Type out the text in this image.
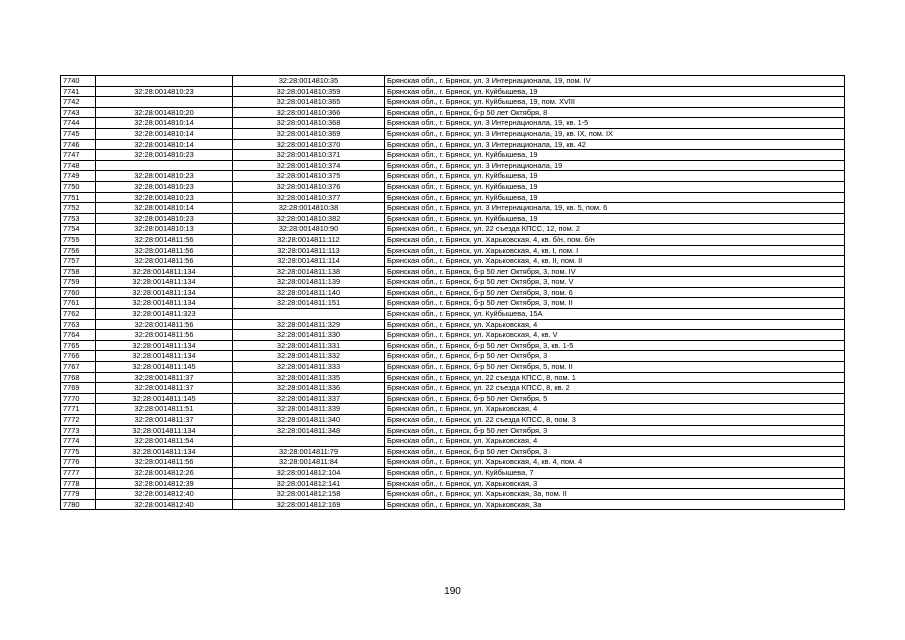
7740		32:28:0014810:35	Брянская обл., г. Брянск, ул. 3 Интернационала, 19, пом. IV
7741	32:28:0014810:23	32:28:0014810:359	Брянская обл., г. Брянск, ул. Куйбышева, 19
7742		32:28:0014810:365	Брянская обл., г. Брянск, ул. Куйбышева, 19, пом. XVIII
7743	32:28:0014810:20	32:28:0014810:366	Брянская обл., г. Брянск, б-р 50 лет Октября, 8
7744	32:28:0014810:14	32:28:0014810:368	Брянская обл., г. Брянск, ул. 3 Интернационала, 19, кв. 1-5
7745	32:28:0014810:14	32:28:0014810:369	Брянская обл., г. Брянск, ул. 3 Интернационала, 19, кв. IX, пом. IX
7746	32:28:0014810:14	32:28:0014810:370	Брянская обл., г. Брянск, ул. 3 Интернационала, 19, кв. 42
7747	32:28:0014810:23	32:28:0014810:371	Брянская обл., г. Брянск, ул. Куйбышева, 19
7748		32:28:0014810:374	Брянская обл., г. Брянск, ул. 3 Интернационала, 19
7749	32:28:0014810:23	32:28:0014810:375	Брянская обл., г. Брянск, ул. Куйбышева, 19
7750	32:28:0014810:23	32:28:0014810:376	Брянская обл., г. Брянск, ул. Куйбышева, 19
7751	32:28:0014810:23	32:28:0014810:377	Брянская обл., г. Брянск, ул. Куйбышева, 19
7752	32:28:0014810:14	32:28:0014810:38	Брянская обл., г. Брянск, ул. 3 Интернационала, 19, кв. 5, пом. 6
7753	32:28:0014810:23	32:28:0014810:382	Брянская обл., г. Брянск, ул. Куйбышева, 19
7754	32:28:0014810:13	32:28:0014810:90	Брянская обл., г. Брянск, ул. 22 съезда КПСС, 12, пом. 2
7755	32:28:0014811:56	32:28:0014811:112	Брянская обл., г. Брянск, ул. Харьковская, 4, кв. б/н, пом. б/н
7756	32:28:0014811:56	32:28:0014811:113	Брянская обл., г. Брянск, ул. Харьковская, 4, кв. I, пом. I
7757	32:28:0014811:56	32:28:0014811:114	Брянская обл., г. Брянск, ул. Харьковская, 4, кв. II, пом. II
7758	32:28:0014811:134	32:28:0014811:138	Брянская обл., г. Брянск, б-р 50 лет Октября, 3, пом. IV
7759	32:28:0014811:134	32:28:0014811:139	Брянская обл., г. Брянск, б-р 50 лет Октября, 3, пом. V
7760	32:28:0014811:134	32:28:0014811:140	Брянская обл., г. Брянск, б-р 50 лет Октября, 3, пом. 6
7761	32:28:0014811:134	32:28:0014811:151	Брянская обл., г. Брянск, б-р 50 лет Октября, 3, пом. II
7762	32:28:0014811:323		Брянская обл., г. Брянск, ул. Куйбышева, 15А
7763	32:28:0014811:56	32:28:0014811:329	Брянская обл., г. Брянск, ул. Харьковская, 4
7764	32:28:0014811:56	32:28:0014811:330	Брянская обл., г. Брянск, ул. Харьковская, 4, кв. V
7765	32:28:0014811:134	32:28:0014811:331	Брянская обл., г. Брянск, б-р 50 лет Октября, 3, кв. 1-5
7766	32:28:0014811:134	32:28:0014811:332	Брянская обл., г. Брянск, б-р 50 лет Октября, 3
7767	32:28:0014811:145	32:28:0014811:333	Брянская обл., г. Брянск, б-р 50 лет Октября, 5, пом. II
7768	32:28:0014811:37	32:28:0014811:335	Брянская обл., г. Брянск, ул. 22 съезда КПСС, 8, пом. 1
7769	32:28:0014811:37	32:28:0014811:336	Брянская обл., г. Брянск, ул. 22 съезда КПСС, 8, кв. 2
7770	32:28:0014811:145	32:28:0014811:337	Брянская обл., г. Брянск, б-р 50 лет Октября, 5
7771	32:28:0014811:51	32:28:0014811:339	Брянская обл., г. Брянск, ул. Харьковская, 4
7772	32:28:0014811:37	32:28:0014811:340	Брянская обл., г. Брянск, ул. 22 съезда КПСС, 8, пом. 3
7773	32:28:0014811:134	32:28:0014811:348	Брянская обл., г. Брянск, б-р 50 лет Октября, 3
7774	32:28:0014811:54		Брянская обл., г. Брянск, ул. Харьковская, 4
7775	32:28:0014811:134	32:28:0014811:79	Брянская обл., г. Брянск, б-р 50 лет Октября, 3
7776	32:28:0014811:56	32:28:0014811:84	Брянская обл., г. Брянск, ул. Харьковская, 4, кв. 4, пом. 4
7777	32:28:0014812:26	32:28:0014812:104	Брянская обл., г. Брянск, ул. Куйбышева, 7
7778	32:28:0014812:39	32:28:0014812:141	Брянская обл., г. Брянск, ул. Харьковская, 3
7779	32:28:0014812:40	32:28:0014812:158	Брянская обл., г. Брянск, ул. Харьковская, 3а, пом. II
7780	32:28:0014812:40	32:28:0014812:169	Брянская обл., г. Брянск, ул. Харьковская, 3а
190
